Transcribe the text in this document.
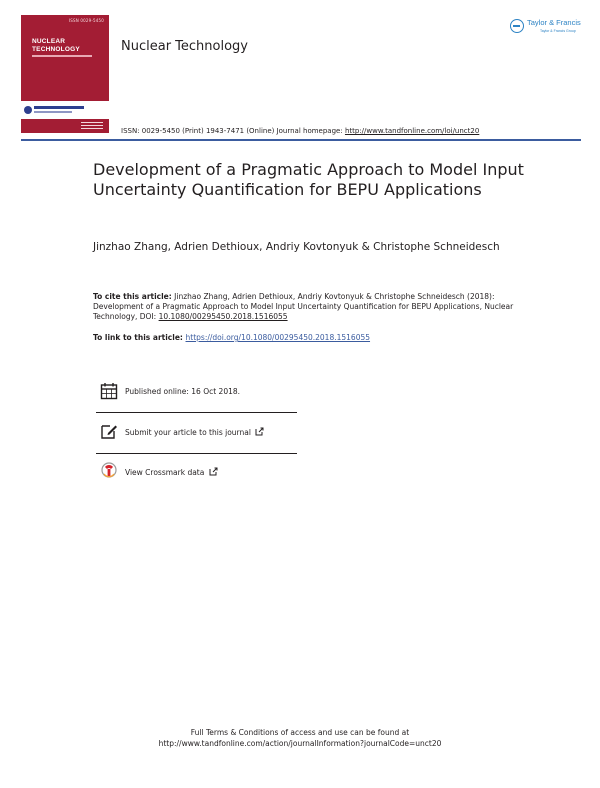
ISSN 0029-5450
NUCLEAR
TECHNOLOGY	Nuclear Technology
Taylor & Francis
Taylor & Francis Group
ISSN: 0029-5450 (Print) 1943-7471 (Online) Journal homepage: http://www.tandfonline.com/loi/unct20
Development of a Pragmatic Approach to Model Input Uncertainty Quantification for BEPU Applications
Jinzhao Zhang, Adrien Dethioux, Andriy Kovtonyuk & Christophe Schneidesch
To cite this article: Jinzhao Zhang, Adrien Dethioux, Andriy Kovtonyuk & Christophe Schneidesch (2018): Development of a Pragmatic Approach to Model Input Uncertainty Quantification for BEPU Applications, Nuclear Technology, DOI: 10.1080/00295450.2018.1516055
To link to this article: https://doi.org/10.1080/00295450.2018.1516055
Published online: 16 Oct 2018.
Submit your article to this journal
View Crossmark data
Full Terms & Conditions of access and use can be found at
http://www.tandfonline.com/action/journalInformation?journalCode=unct20
